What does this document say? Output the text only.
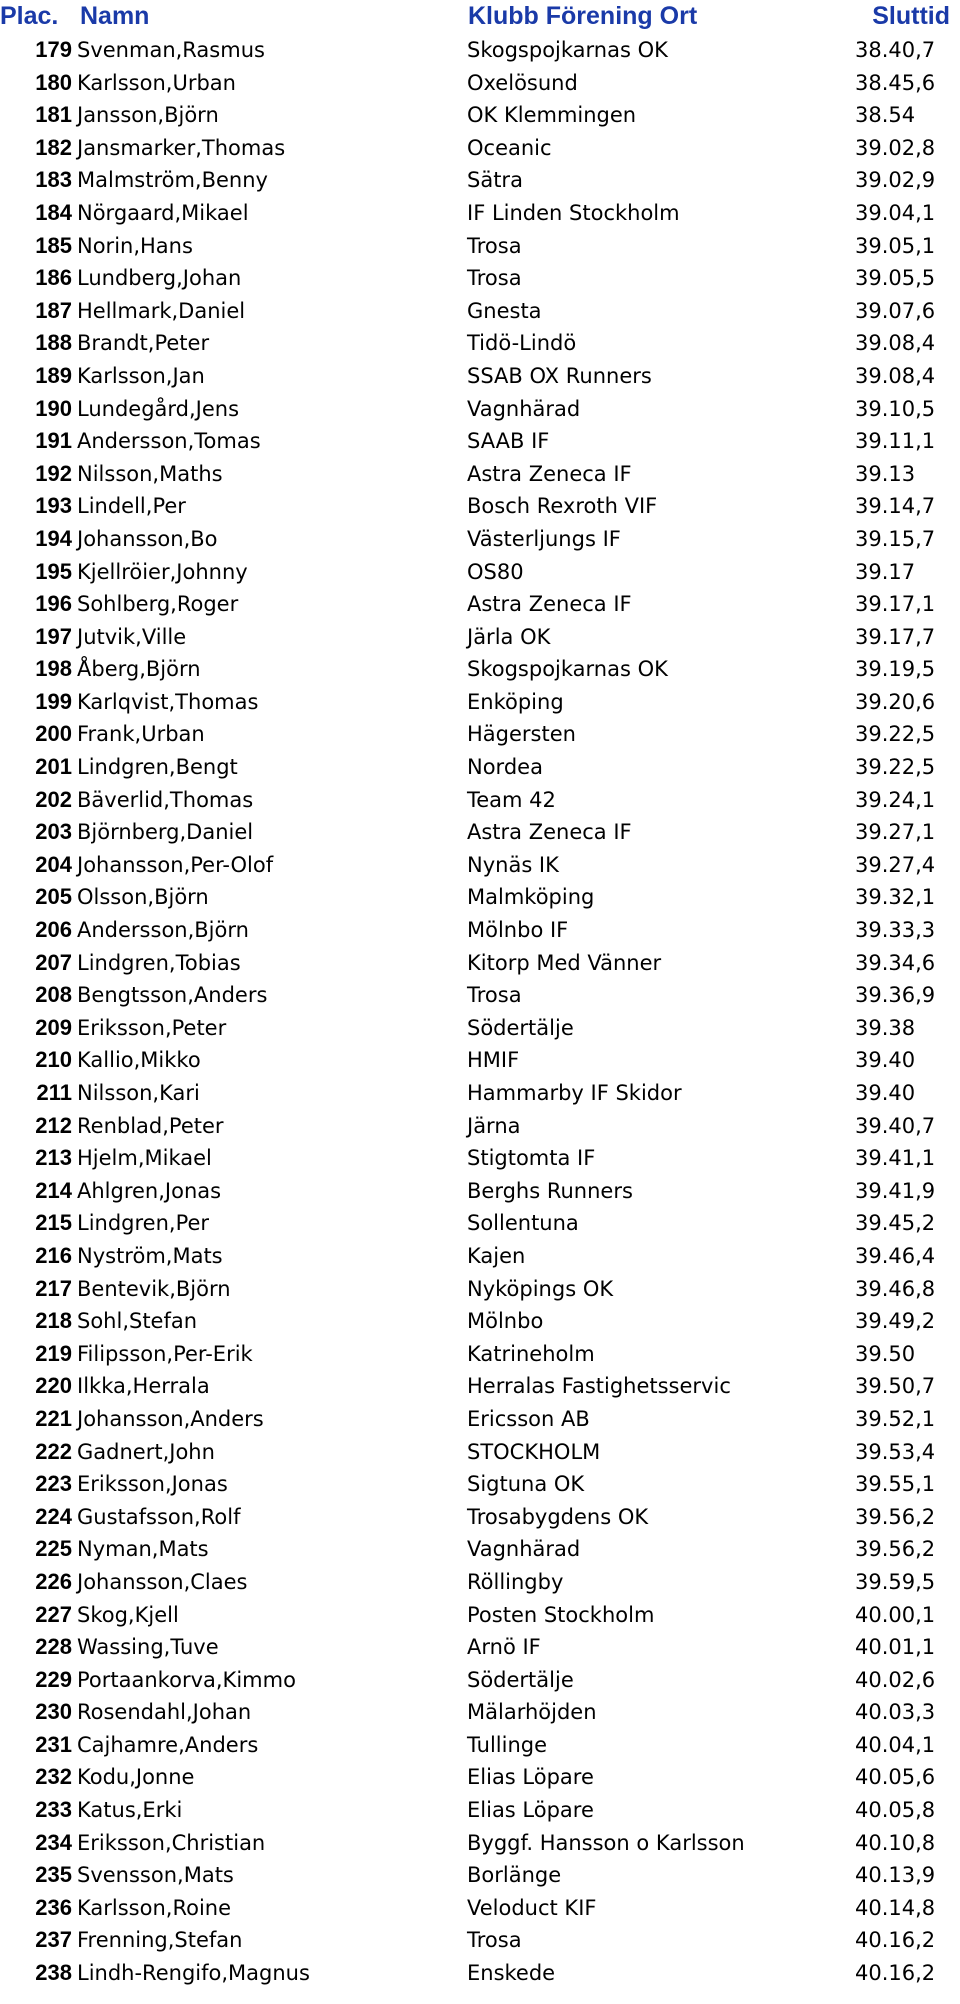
Plac. Namn	Klubb Förening Ort	Sluttid
179 Svenman,Rasmus	Skogspojkarnas OK	38.40,7
180 Karlsson,Urban	Oxelösund	38.45,6
181 Jansson,Björn	OK Klemmingen	38.54
182 Jansmarker,Thomas	Oceanic	39.02,8
183 Malmström,Benny	Sätra	39.02,9
184 Nörgaard,Mikael	IF Linden Stockholm	39.04,1
185 Norin,Hans	Trosa	39.05,1
186 Lundberg,Johan	Trosa	39.05,5
187 Hellmark,Daniel	Gnesta	39.07,6
188 Brandt,Peter	Tidö-Lindö	39.08,4
189 Karlsson,Jan	SSAB OX Runners	39.08,4
190 Lundegård,Jens	Vagnhärad	39.10,5
191 Andersson,Tomas	SAAB IF	39.11,1
192 Nilsson,Maths	Astra Zeneca IF	39.13
193 Lindell,Per	Bosch Rexroth VIF	39.14,7
194 Johansson,Bo	Västerljungs IF	39.15,7
195 Kjellröier,Johnny	OS80	39.17
196 Sohlberg,Roger	Astra Zeneca IF	39.17,1
197 Jutvik,Ville	Järla OK	39.17,7
198 Åberg,Björn	Skogspojkarnas OK	39.19,5
199 Karlqvist,Thomas	Enköping	39.20,6
200 Frank,Urban	Hägersten	39.22,5
201 Lindgren,Bengt	Nordea	39.22,5
202 Bäverlid,Thomas	Team 42	39.24,1
203 Björnberg,Daniel	Astra Zeneca IF	39.27,1
204 Johansson,Per-Olof	Nynäs IK	39.27,4
205 Olsson,Björn	Malmköping	39.32,1
206 Andersson,Björn	Mölnbo IF	39.33,3
207 Lindgren,Tobias	Kitorp Med Vänner	39.34,6
208 Bengtsson,Anders	Trosa	39.36,9
209 Eriksson,Peter	Södertälje	39.38
210 Kallio,Mikko	HMIF	39.40
211 Nilsson,Kari	Hammarby IF Skidor	39.40
212 Renblad,Peter	Järna	39.40,7
213 Hjelm,Mikael	Stigtomta IF	39.41,1
214 Ahlgren,Jonas	Berghs Runners	39.41,9
215 Lindgren,Per	Sollentuna	39.45,2
216 Nyström,Mats	Kajen	39.46,4
217 Bentevik,Björn	Nyköpings OK	39.46,8
218 Sohl,Stefan	Mölnbo	39.49,2
219 Filipsson,Per-Erik	Katrineholm	39.50
220 Ilkka,Herrala	Herralas Fastighetsservic	39.50,7
221 Johansson,Anders	Ericsson AB	39.52,1
222 Gadnert,John	STOCKHOLM	39.53,4
223 Eriksson,Jonas	Sigtuna OK	39.55,1
224 Gustafsson,Rolf	Trosabygdens OK	39.56,2
225 Nyman,Mats	Vagnhärad	39.56,2
226 Johansson,Claes	Röllingby	39.59,5
227 Skog,Kjell	Posten Stockholm	40.00,1
228 Wassing,Tuve	Arnö IF	40.01,1
229 Portaankorva,Kimmo	Södertälje	40.02,6
230 Rosendahl,Johan	Mälarhöjden	40.03,3
231 Cajhamre,Anders	Tullinge	40.04,1
232 Kodu,Jonne	Elias Löpare	40.05,6
233 Katus,Erki	Elias Löpare	40.05,8
234 Eriksson,Christian	Byggf. Hansson o Karlsson	40.10,8
235 Svensson,Mats	Borlänge	40.13,9
236 Karlsson,Roine	Veloduct KIF	40.14,8
237 Frenning,Stefan	Trosa	40.16,2
238 Lindh-Rengifo,Magnus	Enskede	40.16,2
